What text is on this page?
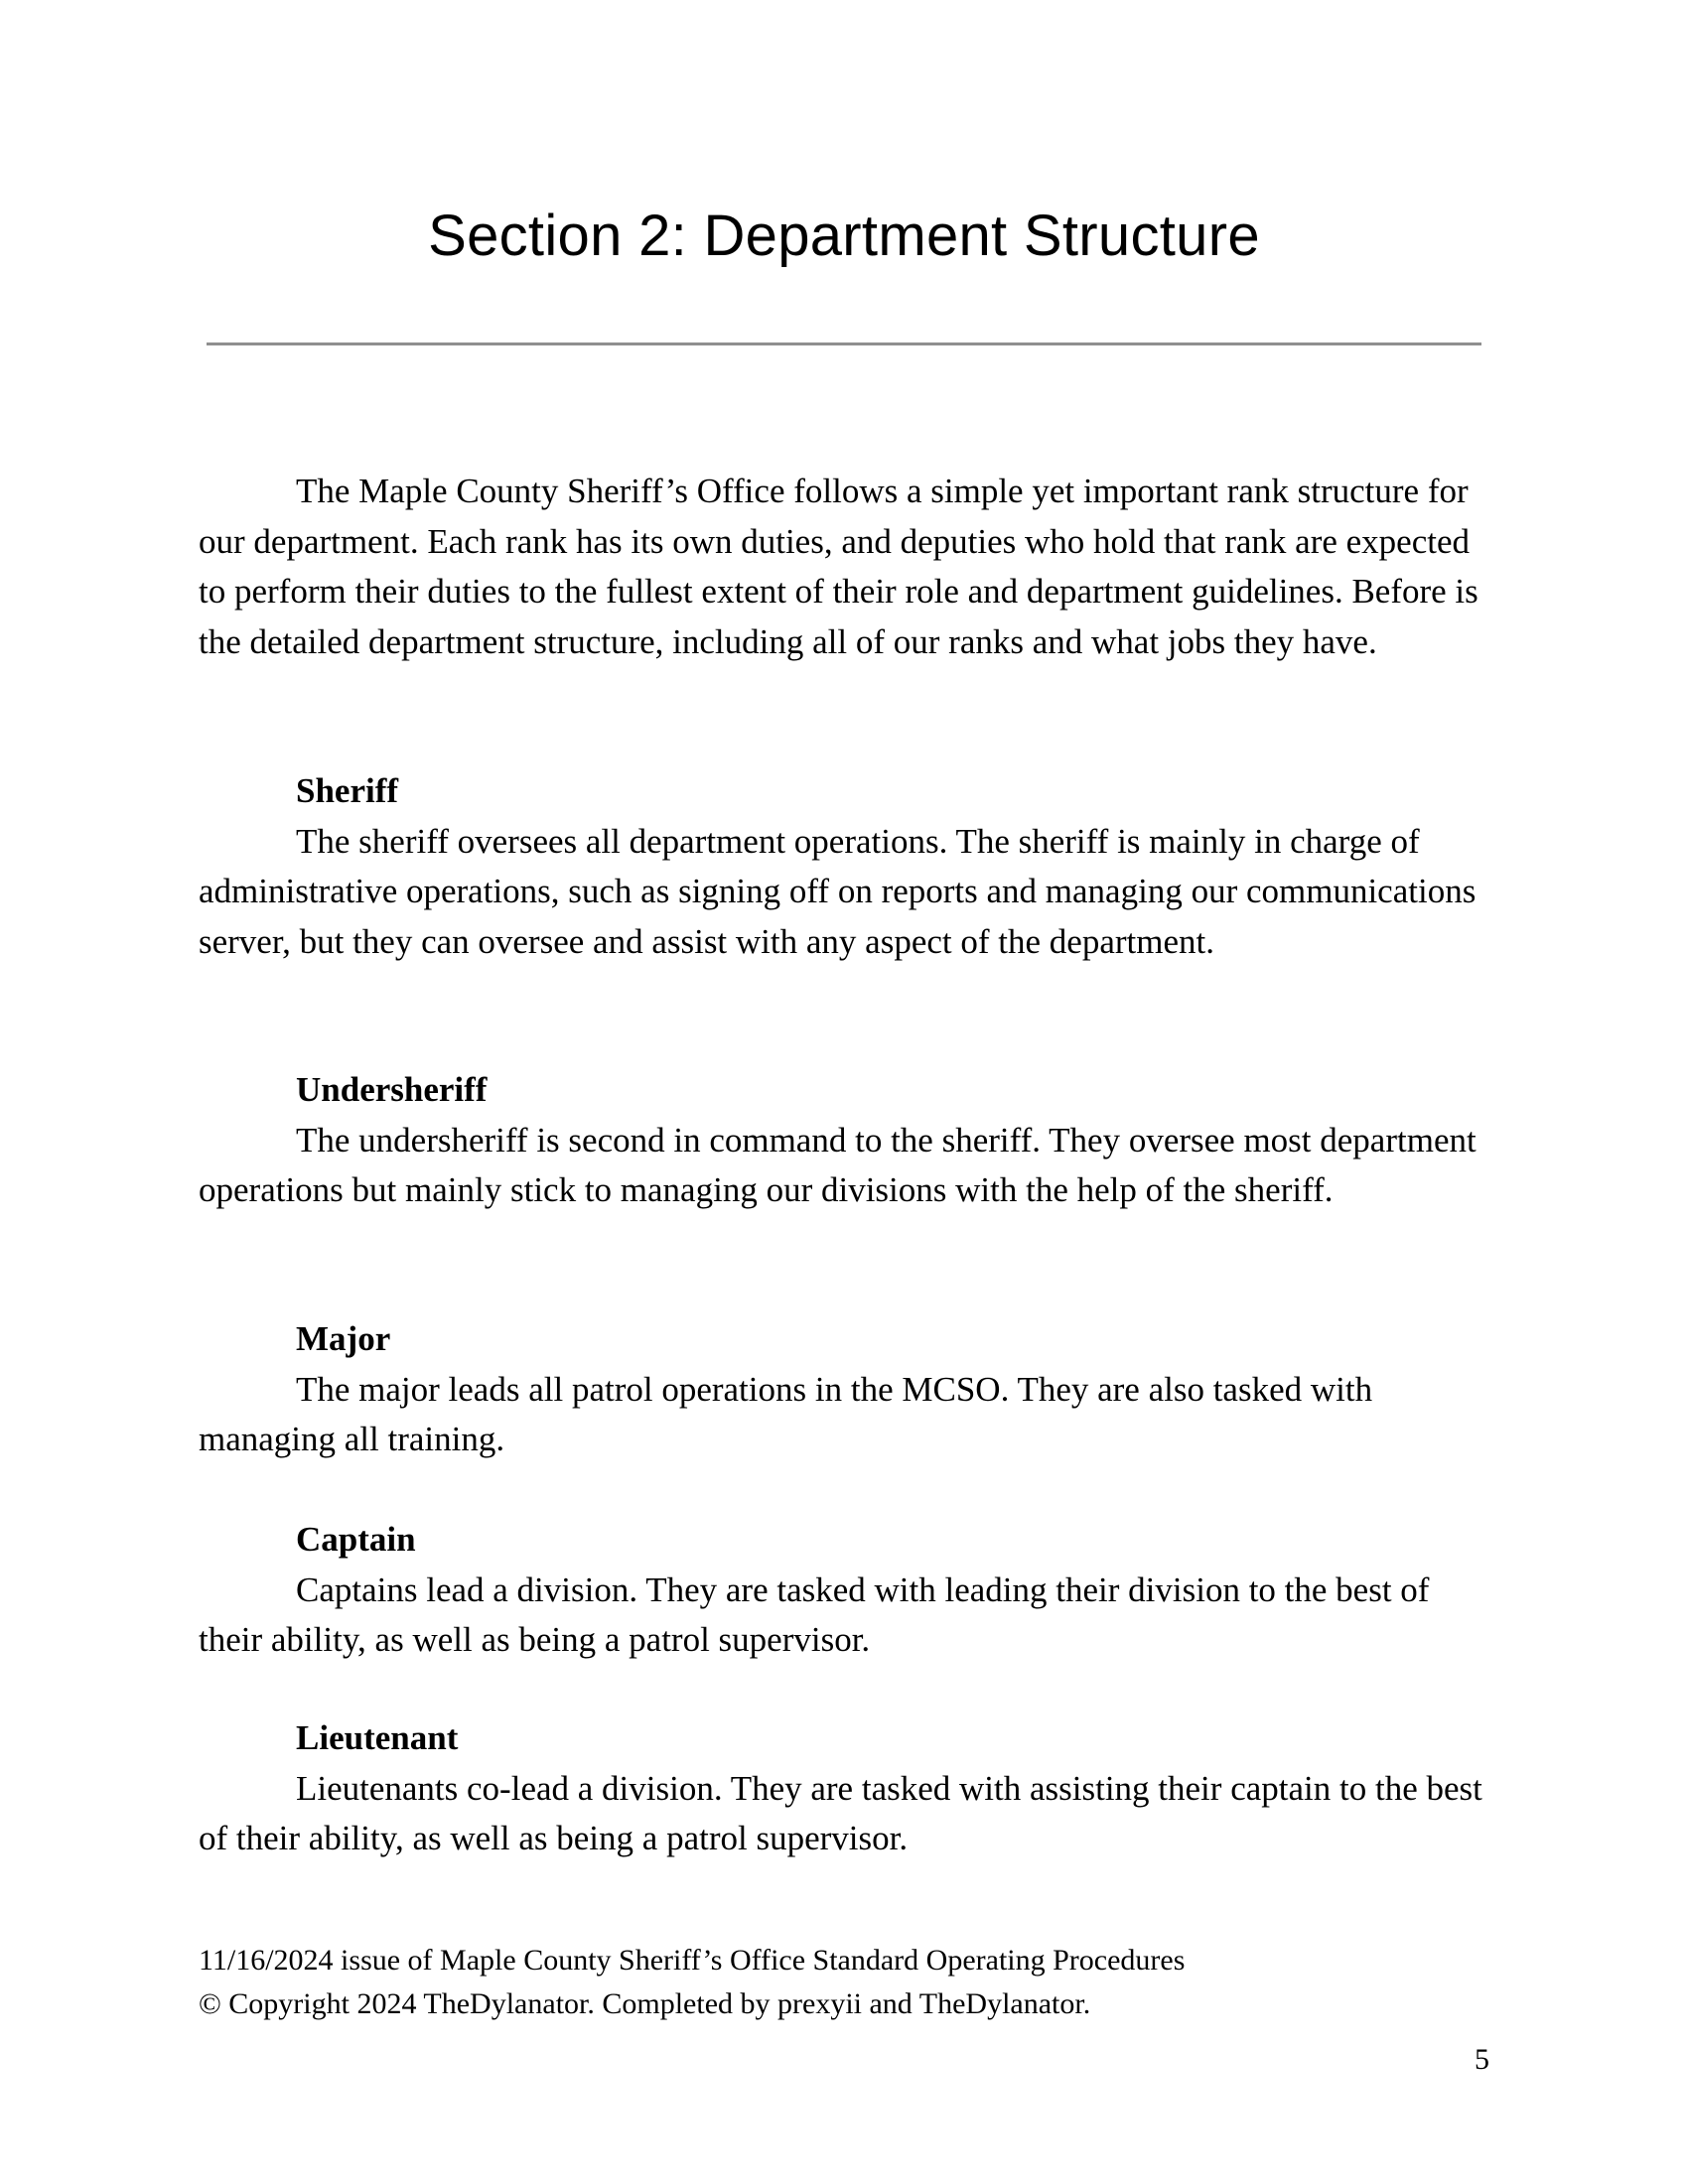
Section 2: Department Structure

The Maple County Sheriff’s Office follows a simple yet important rank structure for our department. Each rank has its own duties, and deputies who hold that rank are expected to perform their duties to the fullest extent of their role and department guidelines. Before is the detailed department structure, including all of our ranks and what jobs they have.

Sheriff

The sheriff oversees all department operations. The sheriff is mainly in charge of administrative operations, such as signing off on reports and managing our communications server, but they can oversee and assist with any aspect of the department.

Undersheriff

The undersheriff is second in command to the sheriff. They oversee most department operations but mainly stick to managing our divisions with the help of the sheriff.

Major

The major leads all patrol operations in the MCSO. They are also tasked with managing all training.

Captain

Captains lead a division. They are tasked with leading their division to the best of their ability, as well as being a patrol supervisor.

Lieutenant

Lieutenants co-lead a division. They are tasked with assisting their captain to the best of their ability, as well as being a patrol supervisor.

11/16/2024 issue of Maple County Sheriff’s Office Standard Operating Procedures
© Copyright 2024 TheDylanator. Completed by prexyii and TheDylanator.
5
